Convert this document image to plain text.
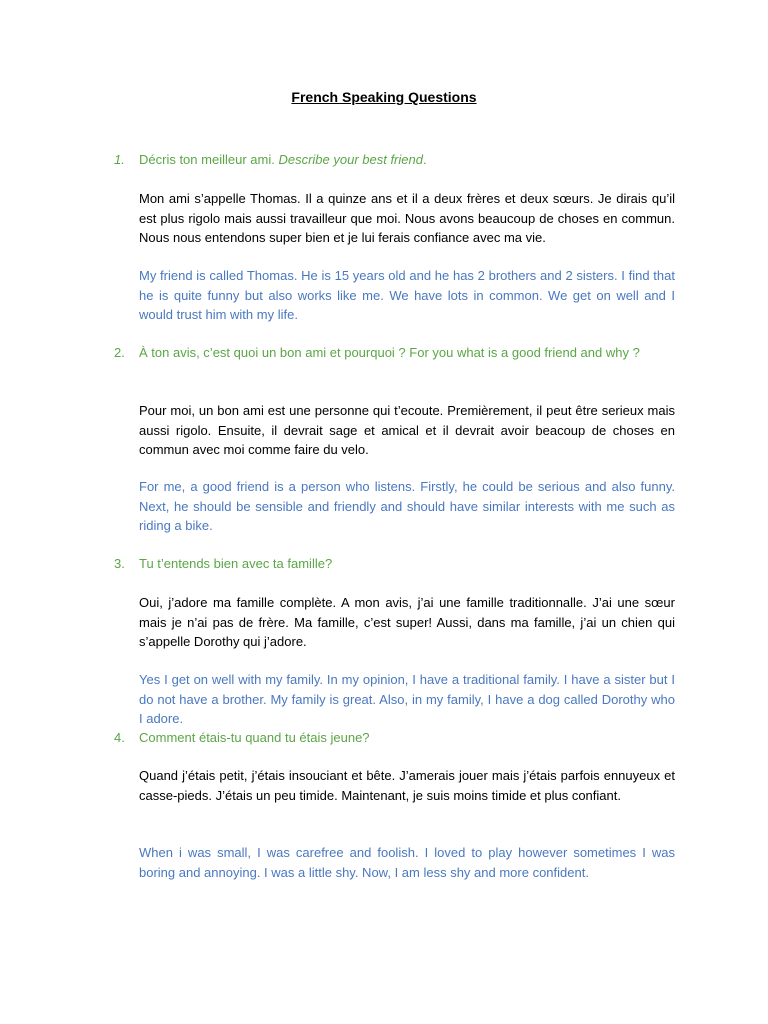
French Speaking Questions
1.	Décris ton meilleur ami. Describe your best friend.
Mon ami s’appelle Thomas. Il a quinze ans et il a deux frères et deux sœurs. Je dirais qu’il est plus rigolo mais aussi travailleur que moi. Nous avons beaucoup de choses en commun. Nous nous entendons super bien et je lui ferais confiance avec ma vie.
My friend is called Thomas. He is 15 years old and he has 2 brothers and 2 sisters. I find that he is quite funny but also works like me. We have lots in common. We get on well and I would trust him with my life.
2.	À ton avis, c’est quoi un bon ami et pourquoi ? For you what is a good friend and why ?
Pour moi, un bon ami est une personne qui t’ecoute. Premièrement, il peut être serieux mais aussi rigolo. Ensuite, il devrait sage et amical et il devrait avoir beacoup de choses en commun avec moi comme faire du velo.
For me, a good friend is a person who listens. Firstly, he could be serious and also funny. Next, he should be sensible and friendly and should have similar interests with me such as riding a bike.
3.	Tu t’entends bien avec ta famille?
Oui, j’adore ma famille complète. A mon avis, j’ai une famille traditionnalle. J’ai une sœur mais je n’ai pas de frère. Ma famille, c’est super! Aussi, dans ma famille, j’ai un chien qui s’appelle Dorothy qui j’adore.
Yes I get on well with my family. In my opinion, I have a traditional family. I have a sister but I do not have a brother. My family is great. Also, in my family, I have a dog called Dorothy who I adore.
4.	Comment étais-tu quand tu étais jeune?
Quand j’étais petit, j’étais insouciant et bête. J’amerais jouer mais j’étais parfois ennuyeux et casse-pieds. J’étais un peu timide. Maintenant, je suis moins timide et plus confiant.
When i was small, I was carefree and foolish. I loved to play however sometimes I was boring and annoying. I was a little shy. Now, I am less shy and more confident.
